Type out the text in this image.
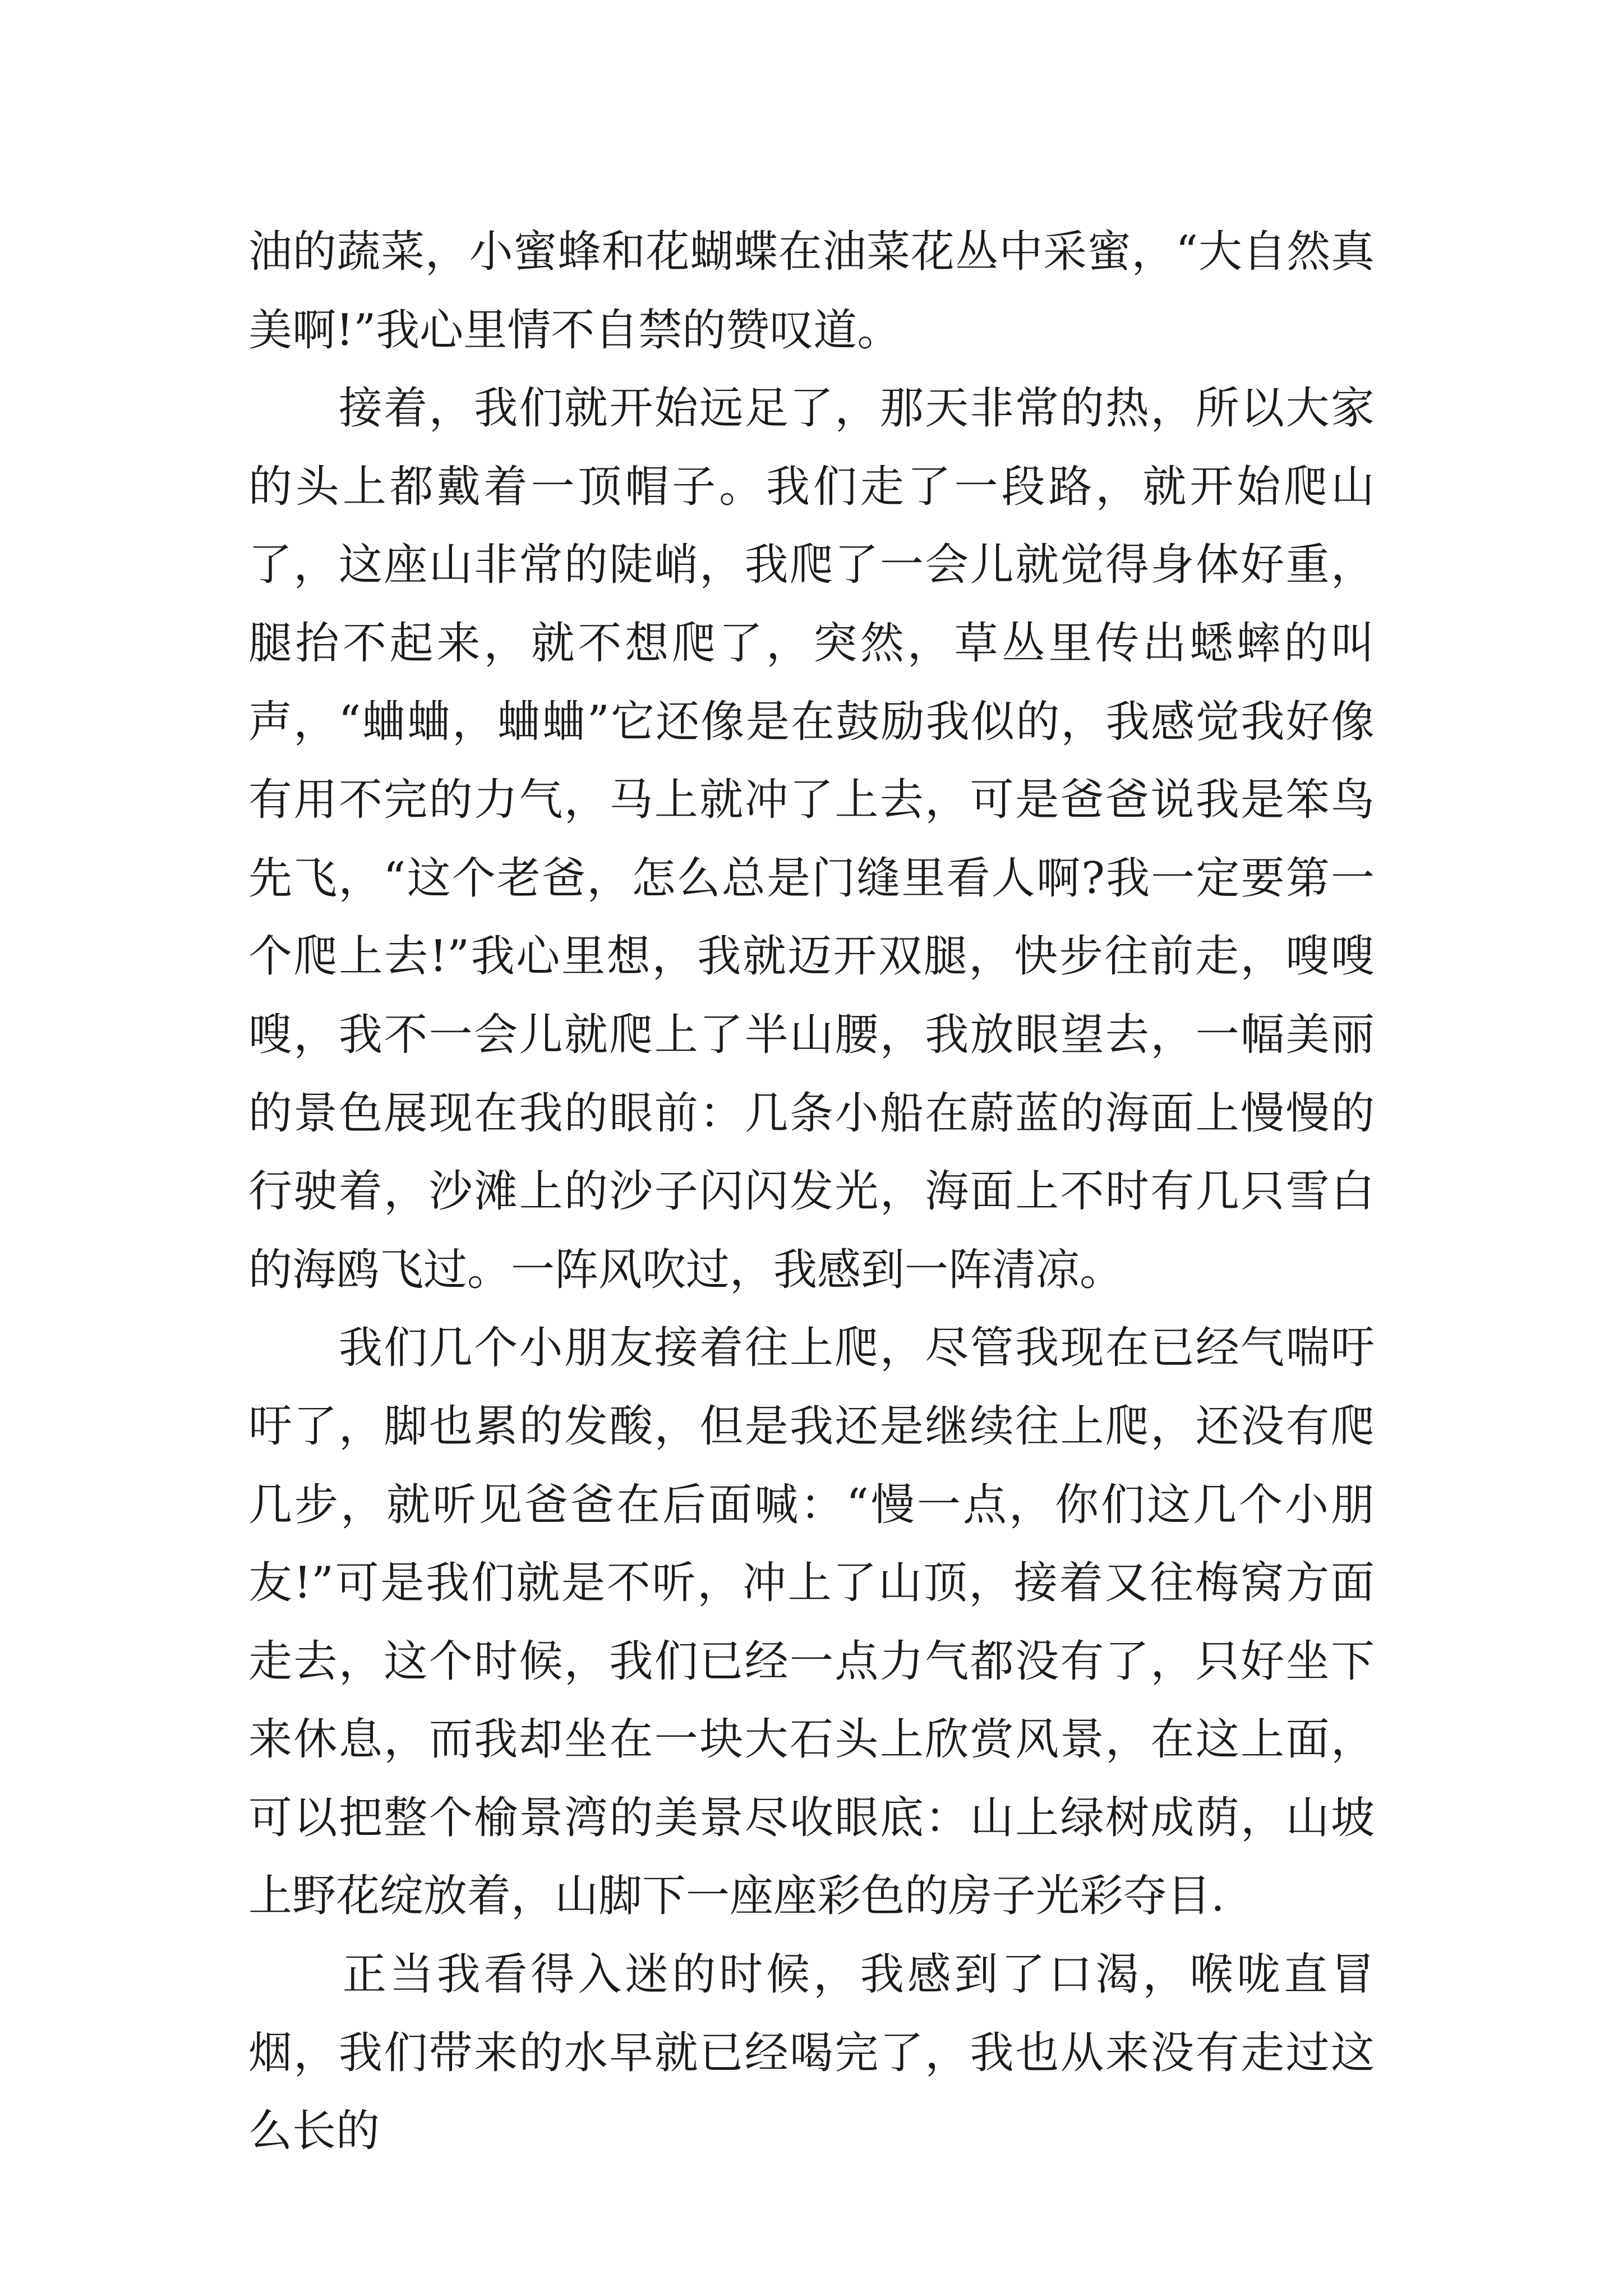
油的蔬菜，小蜜蜂和花蝴蝶在油菜花丛中采蜜，“大自然真美啊!”我心里情不自禁的赞叹道。

　　接着，我们就开始远足了，那天非常的热，所以大家的头上都戴着一顶帽子。我们走了一段路，就开始爬山了，这座山非常的陡峭，我爬了一会儿就觉得身体好重，腿抬不起来，就不想爬了，突然，草丛里传出蟋蟀的叫声，“蛐蛐，蛐蛐”它还像是在鼓励我似的，我感觉我好像有用不完的力气，马上就冲了上去，可是爸爸说我是笨鸟先飞，“这个老爸，怎么总是门缝里看人啊?我一定要第一个爬上去!”我心里想，我就迈开双腿，快步往前走，嗖嗖嗖，我不一会儿就爬上了半山腰，我放眼望去，一幅美丽的景色展现在我的眼前：几条小船在蔚蓝的海面上慢慢的行驶着，沙滩上的沙子闪闪发光，海面上不时有几只雪白的海鸥飞过。一阵风吹过，我感到一阵清凉。

　　我们几个小朋友接着往上爬，尽管我现在已经气喘吁吁了，脚也累的发酸，但是我还是继续往上爬，还没有爬几步，就听见爸爸在后面喊：“慢一点，你们这几个小朋友!”可是我们就是不听，冲上了山顶，接着又往梅窝方面走去，这个时候，我们已经一点力气都没有了，只好坐下来休息，而我却坐在一块大石头上欣赏风景，在这上面，可以把整个榆景湾的美景尽收眼底：山上绿树成荫，山坡上野花绽放着，山脚下一座座彩色的房子光彩夺目.

　　正当我看得入迷的时候，我感到了口渴，喉咙直冒烟，我们带来的水早就已经喝完了，我也从来没有走过这么长的
